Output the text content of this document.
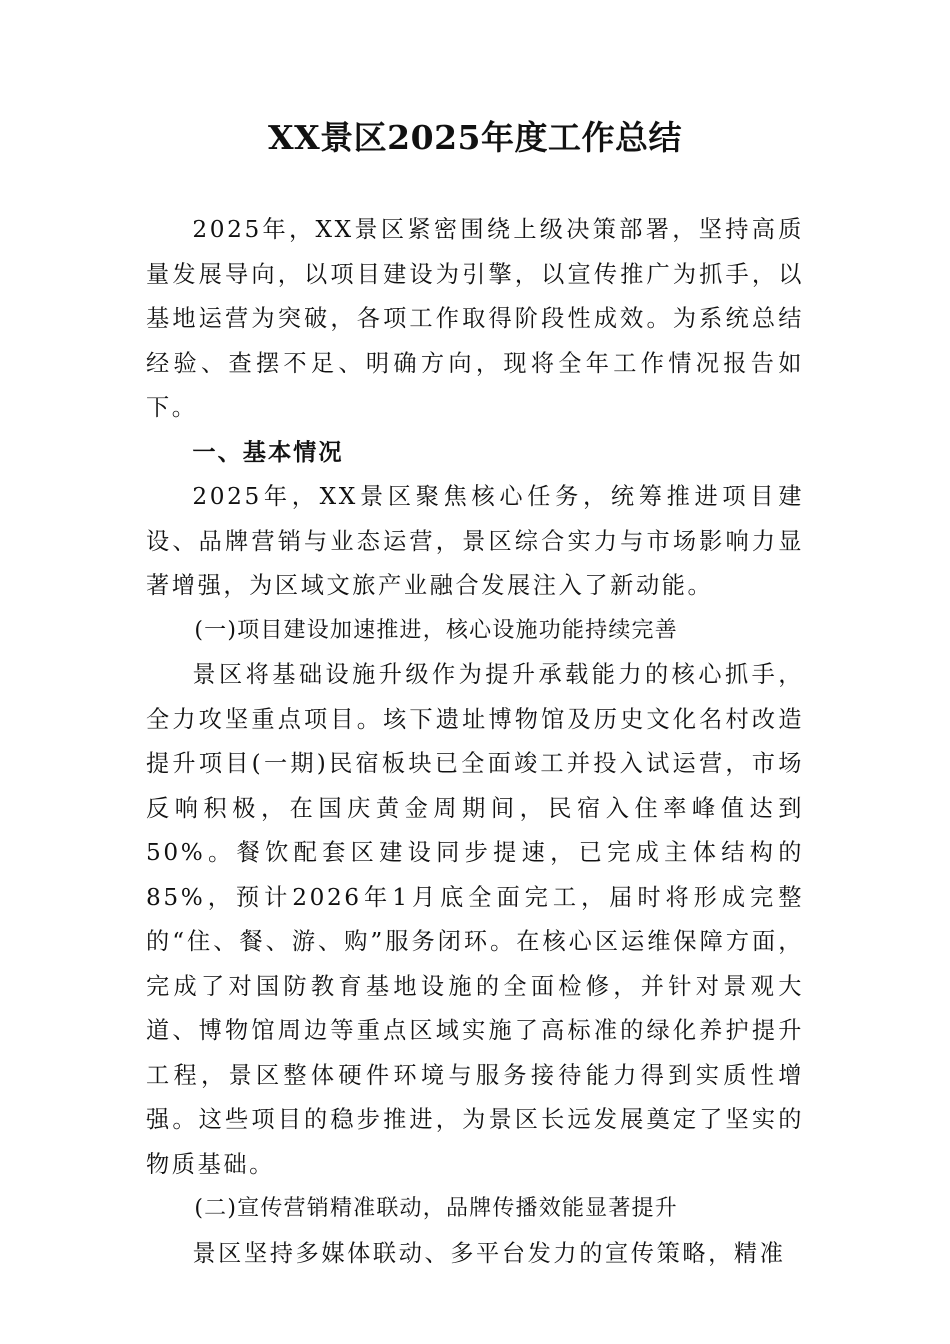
XX景区2025年度工作总结

2025年，XX景区紧密围绕上级决策部署，坚持高质量发展导向，以项目建设为引擎，以宣传推广为抓手，以基地运营为突破，各项工作取得阶段性成效。为系统总结经验、查摆不足、明确方向，现将全年工作情况报告如下。

一、基本情况

2025年，XX景区聚焦核心任务，统筹推进项目建设、品牌营销与业态运营，景区综合实力与市场影响力显著增强，为区域文旅产业融合发展注入了新动能。

(一)项目建设加速推进，核心设施功能持续完善

景区将基础设施升级作为提升承载能力的核心抓手，全力攻坚重点项目。垓下遗址博物馆及历史文化名村改造提升项目(一期)民宿板块已全面竣工并投入试运营，市场反响积极，在国庆黄金周期间，民宿入住率峰值达到50%。餐饮配套区建设同步提速，已完成主体结构的85%，预计2026年1月底全面完工，届时将形成完整的“住、餐、游、购”服务闭环。在核心区运维保障方面，完成了对国防教育基地设施的全面检修，并针对景观大道、博物馆周边等重点区域实施了高标准的绿化养护提升工程，景区整体硬件环境与服务接待能力得到实质性增强。这些项目的稳步推进，为景区长远发展奠定了坚实的物质基础。

(二)宣传营销精准联动，品牌传播效能显著提升

景区坚持多媒体联动、多平台发力的宣传策略，精准
